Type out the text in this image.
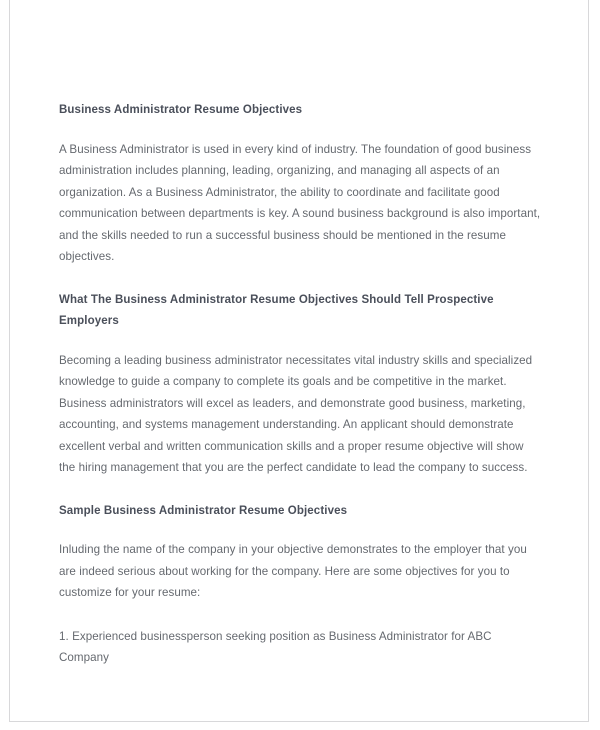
Business Administrator Resume Objectives

A Business Administrator is used in every kind of industry. The foundation of good business administration includes planning, leading, organizing, and managing all aspects of an organization. As a Business Administrator, the ability to coordinate and facilitate good communication between departments is key. A sound business background is also important, and the skills needed to run a successful business should be mentioned in the resume objectives.

What The Business Administrator Resume Objectives Should Tell Prospective Employers

Becoming a leading business administrator necessitates vital industry skills and specialized knowledge to guide a company to complete its goals and be competitive in the market. Business administrators will excel as leaders, and demonstrate good business, marketing, accounting, and systems management understanding. An applicant should demonstrate excellent verbal and written communication skills and a proper resume objective will show the hiring management that you are the perfect candidate to lead the company to success.

Sample Business Administrator Resume Objectives

Inluding the name of the company in your objective demonstrates to the employer that you are indeed serious about working for the company. Here are some objectives for you to customize for your resume:

1. Experienced businessperson seeking position as Business Administrator for ABC Company
